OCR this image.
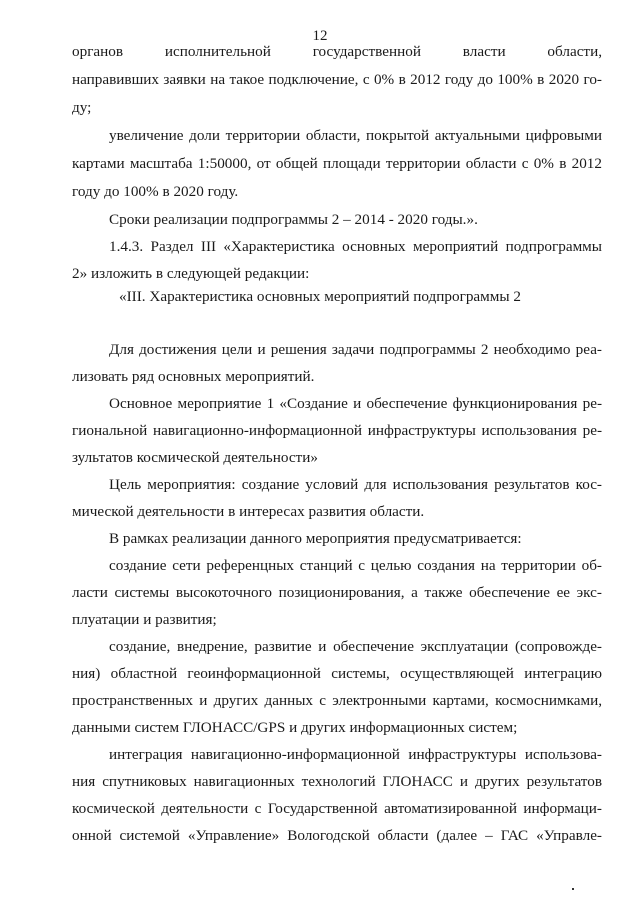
12
органов исполнительной государственной власти области,
направивших заявки на такое подключение, с 0% в 2012 году до 100% в 2020 го-
ду;
увеличение доли территории области, покрытой актуальными цифровыми
картами масштаба 1:50000, от общей площади территории области с 0% в 2012
году до 100% в 2020 году.
Сроки реализации подпрограммы 2 – 2014 - 2020 годы.».
1.4.3. Раздел III «Характеристика основных мероприятий подпрограммы
2» изложить в следующей редакции:
«III. Характеристика основных мероприятий подпрограммы 2
Для достижения цели и решения задачи подпрограммы 2 необходимо реа-
лизовать ряд основных мероприятий.
Основное мероприятие 1 «Создание и обеспечение функционирования ре-
гиональной навигационно-информационной инфраструктуры использования ре-
зультатов космической деятельности»
Цель мероприятия: создание условий для использования результатов кос-
мической деятельности в интересах развития области.
В рамках реализации данного мероприятия предусматривается:
создание сети референцных станций с целью создания на территории об-
ласти системы высокоточного позиционирования, а также обеспечение ее экс-
плуатации и развития;
создание, внедрение, развитие и обеспечение эксплуатации (сопровожде-
ния) областной геоинформационной системы, осуществляющей интеграцию
пространственных и других данных с электронными картами, космоснимками,
данными систем ГЛОНАСС/GPS и других информационных систем;
интеграция навигационно-информационной инфраструктуры использова-
ния спутниковых навигационных технологий ГЛОНАСС и других результатов
космической деятельности с Государственной автоматизированной информаци-
онной системой «Управление» Вологодской области (далее – ГАС «Управле-
